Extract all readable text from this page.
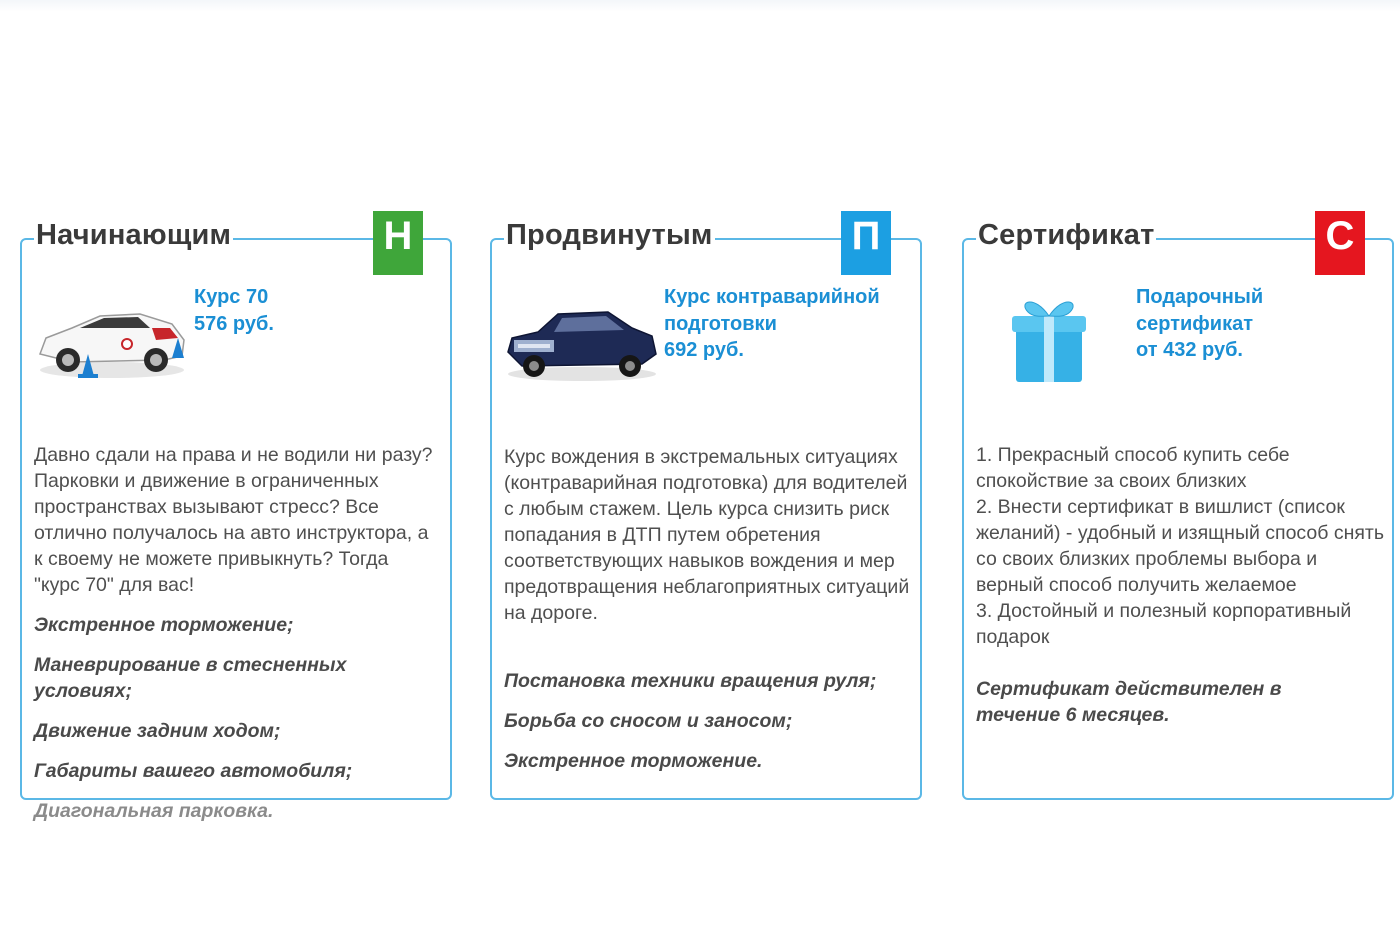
Начинающим	Н
Курс 70
576 руб.
Давно сдали на права и не водили ни разу? Парковки и движение в ограниченных пространствах вызывают стресс? Все отлично получалось на авто инструктора, а к своему не можете привыкнуть? Тогда "курс 70" для вас!
Экстренное торможение;
Маневрирование в стесненных условиях;
Движение задним ходом;
Габариты вашего автомобиля;
Диагональная парковка.
Продвинутым	П
Курс контраварийной
подготовки
692 руб.
Курс вождения в экстремальных ситуациях (контраварийная подготовка) для водителей с любым стажем. Цель курса снизить риск попадания в ДТП путем обретения соответствующих навыков вождения и мер предотвращения неблагоприятных ситуаций на дороге.
Постановка техники вращения руля;
Борьба со сносом и заносом;
Экстренное торможение.
Сертификат	С
Подарочный
сертификат
от 432 руб.
1. Прекрасный способ купить себе спокойствие за своих близких
2. Внести сертификат в вишлист (список желаний) - удобный и изящный способ снять со своих близких проблемы выбора и верный способ получить желаемое
3. Достойный и полезный корпоративный подарок
Сертификат действителен в течение 6 месяцев.
